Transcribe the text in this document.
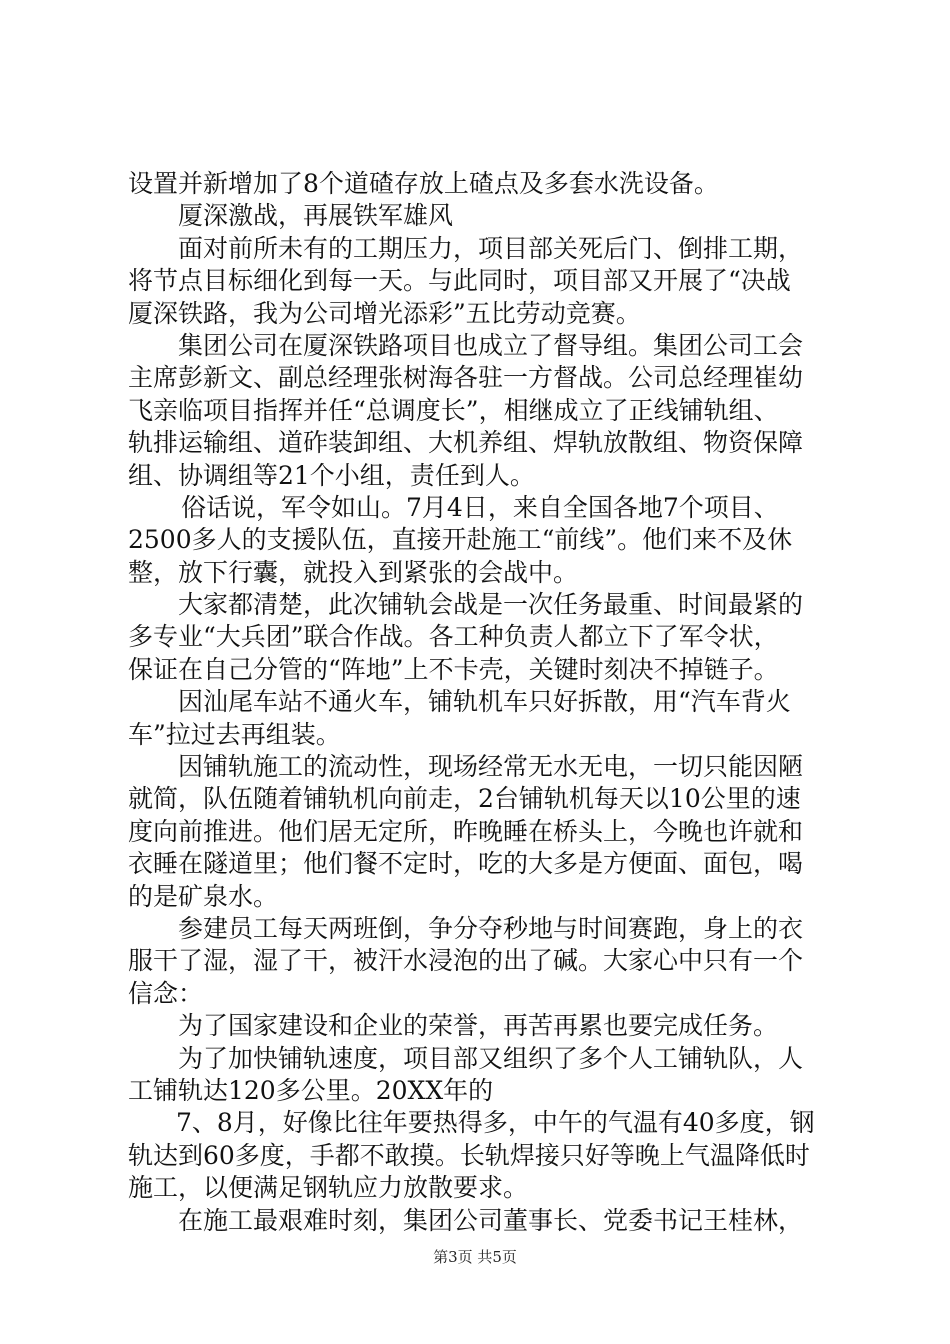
设置并新增加了8个道碴存放上碴点及多套水洗设备。
厦深激战，再展铁军雄风
面对前所未有的工期压力，项目部关死后门、倒排工期，
将节点目标细化到每一天。与此同时，项目部又开展了“决战
厦深铁路，我为公司增光添彩”五比劳动竞赛。
集团公司在厦深铁路项目也成立了督导组。集团公司工会
主席彭新文、副总经理张树海各驻一方督战。公司总经理崔幼
飞亲临项目指挥并任“总调度长”，相继成立了正线铺轨组、
轨排运输组、道砟装卸组、大机养组、焊轨放散组、物资保障
组、协调组等21个小组，责任到人。
俗话说，军令如山。7月4日，来自全国各地7个项目、
2500多人的支援队伍，直接开赴施工“前线”。他们来不及休
整，放下行囊，就投入到紧张的会战中。
大家都清楚，此次铺轨会战是一次任务最重、时间最紧的
多专业“大兵团”联合作战。各工种负责人都立下了军令状，
保证在自己分管的“阵地”上不卡壳，关键时刻决不掉链子。
因汕尾车站不通火车，铺轨机车只好拆散，用“汽车背火
车”拉过去再组装。
因铺轨施工的流动性，现场经常无水无电，一切只能因陋
就简，队伍随着铺轨机向前走，2台铺轨机每天以10公里的速
度向前推进。他们居无定所，昨晚睡在桥头上，今晚也许就和
衣睡在隧道里；他们餐不定时，吃的大多是方便面、面包，喝
的是矿泉水。
参建员工每天两班倒，争分夺秒地与时间赛跑，身上的衣
服干了湿，湿了干，被汗水浸泡的出了碱。大家心中只有一个
信念：
为了国家建设和企业的荣誉，再苦再累也要完成任务。
为了加快铺轨速度，项目部又组织了多个人工铺轨队，人
工铺轨达120多公里。20XX年的
7、8月，好像比往年要热得多，中午的气温有40多度，钢
轨达到60多度，手都不敢摸。长轨焊接只好等晚上气温降低时
施工，以便满足钢轨应力放散要求。
在施工最艰难时刻，集团公司董事长、党委书记王桂林，
第3页 共5页
